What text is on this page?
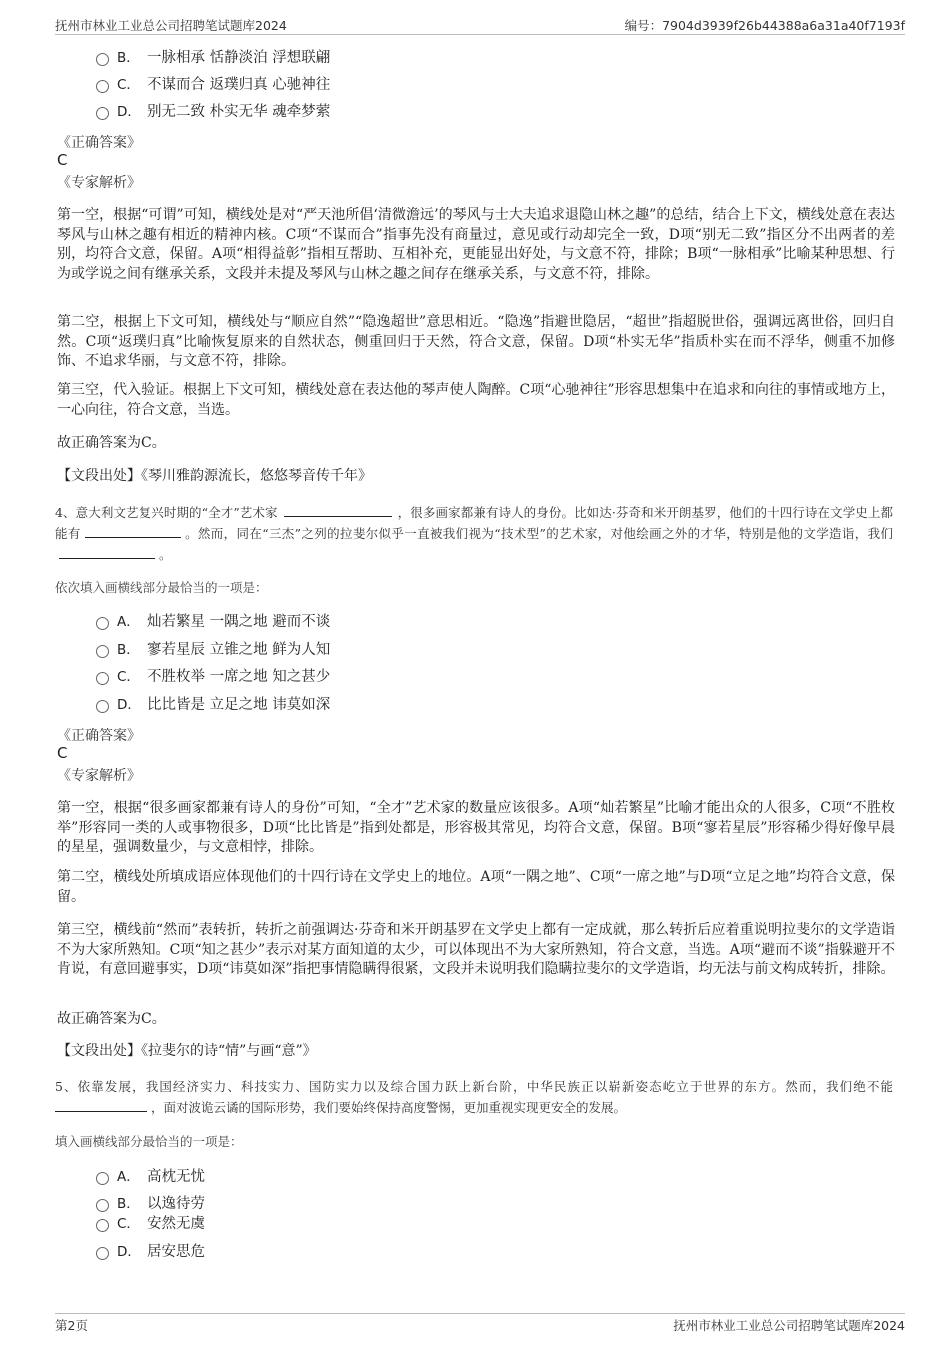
抚州市林业工业总公司招聘笔试题库2024	编号：7904d3939f26b44388a6a31a40f7193f
B． 一脉相承 恬静淡泊 浮想联翩
C． 不谋而合 返璞归真 心驰神往
D． 别无二致 朴实无华 魂牵梦萦
《正确答案》
C
《专家解析》
第一空，根据“可谓”可知，横线处是对“严天池所倡‘清微澹远’的琴风与士大夫追求退隐山林之趣”的总结，结合上下文，横线处意在表达琴风与山林之趣有相近的精神内核。C项“不谋而合”指事先没有商量过，意见或行动却完全一致，D项“别无二致”指区分不出两者的差别，均符合文意，保留。A项“相得益彰”指相互帮助、互相补充，更能显出好处，与文意不符，排除；B项“一脉相承”比喻某种思想、行为或学说之间有继承关系，文段并未提及琴风与山林之趣之间存在继承关系，与文意不符，排除。
第二空，根据上下文可知，横线处与“顺应自然”“隐逸超世”意思相近。“隐逸”指避世隐居，“超世”指超脱世俗，强调远离世俗，回归自然。C项“返璞归真”比喻恢复原来的自然状态，侧重回归于天然，符合文意，保留。D项“朴实无华”指质朴实在而不浮华，侧重不加修饰、不追求华丽，与文意不符，排除。
第三空，代入验证。根据上下文可知，横线处意在表达他的琴声使人陶醉。C项“心驰神往”形容思想集中在追求和向往的事情或地方上，一心向往，符合文意，当选。
故正确答案为C。
【文段出处】《琴川雅韵源流长，悠悠琴音传千年》
4、意大利文艺复兴时期的“全才”艺术家	，很多画家都兼有诗人的身份。比如达·芬奇和米开朗基罗，他们的十四行诗在文学史上都能有	。然而，同在“三杰”之列的拉斐尔似乎一直被我们视为“技术型”的艺术家，对他绘画之外的才华，特别是他的文学造诣，我们。
依次填入画横线部分最恰当的一项是：
A． 灿若繁星 一隅之地 避而不谈
B． 寥若星辰 立锥之地 鲜为人知
C． 不胜枚举 一席之地 知之甚少
D． 比比皆是 立足之地 讳莫如深
《正确答案》
C
《专家解析》
第一空，根据“很多画家都兼有诗人的身份”可知，“全才”艺术家的数量应该很多。A项“灿若繁星”比喻才能出众的人很多，C项“不胜枚举”形容同一类的人或事物很多，D项“比比皆是”指到处都是，形容极其常见，均符合文意，保留。B项“寥若星辰”形容稀少得好像早晨的星星，强调数量少，与文意相悖，排除。
第二空，横线处所填成语应体现他们的十四行诗在文学史上的地位。A项“一隅之地”、C项“一席之地”与D项“立足之地”均符合文意，保留。
第三空，横线前“然而”表转折，转折之前强调达·芬奇和米开朗基罗在文学史上都有一定成就，那么转折后应着重说明拉斐尔的文学造诣不为大家所熟知。C项“知之甚少”表示对某方面知道的太少，可以体现出不为大家所熟知，符合文意，当选。A项“避而不谈”指躲避开不肯说，有意回避事实，D项“讳莫如深”指把事情隐瞒得很紧，文段并未说明我们隐瞒拉斐尔的文学造诣，均无法与前文构成转折，排除。
故正确答案为C。
【文段出处】《拉斐尔的诗“情”与画“意”》
5、依靠发展，我国经济实力、科技实力、国防实力以及综合国力跃上新台阶，中华民族正以崭新姿态屹立于世界的东方。然而，我们绝不能，面对波诡云谲的国际形势，我们要始终保持高度警惕，更加重视实现更安全的发展。
填入画横线部分最恰当的一项是：
A． 高枕无忧
B． 以逸待劳
C． 安然无虞
D． 居安思危
第2页	抚州市林业工业总公司招聘笔试题库2024
